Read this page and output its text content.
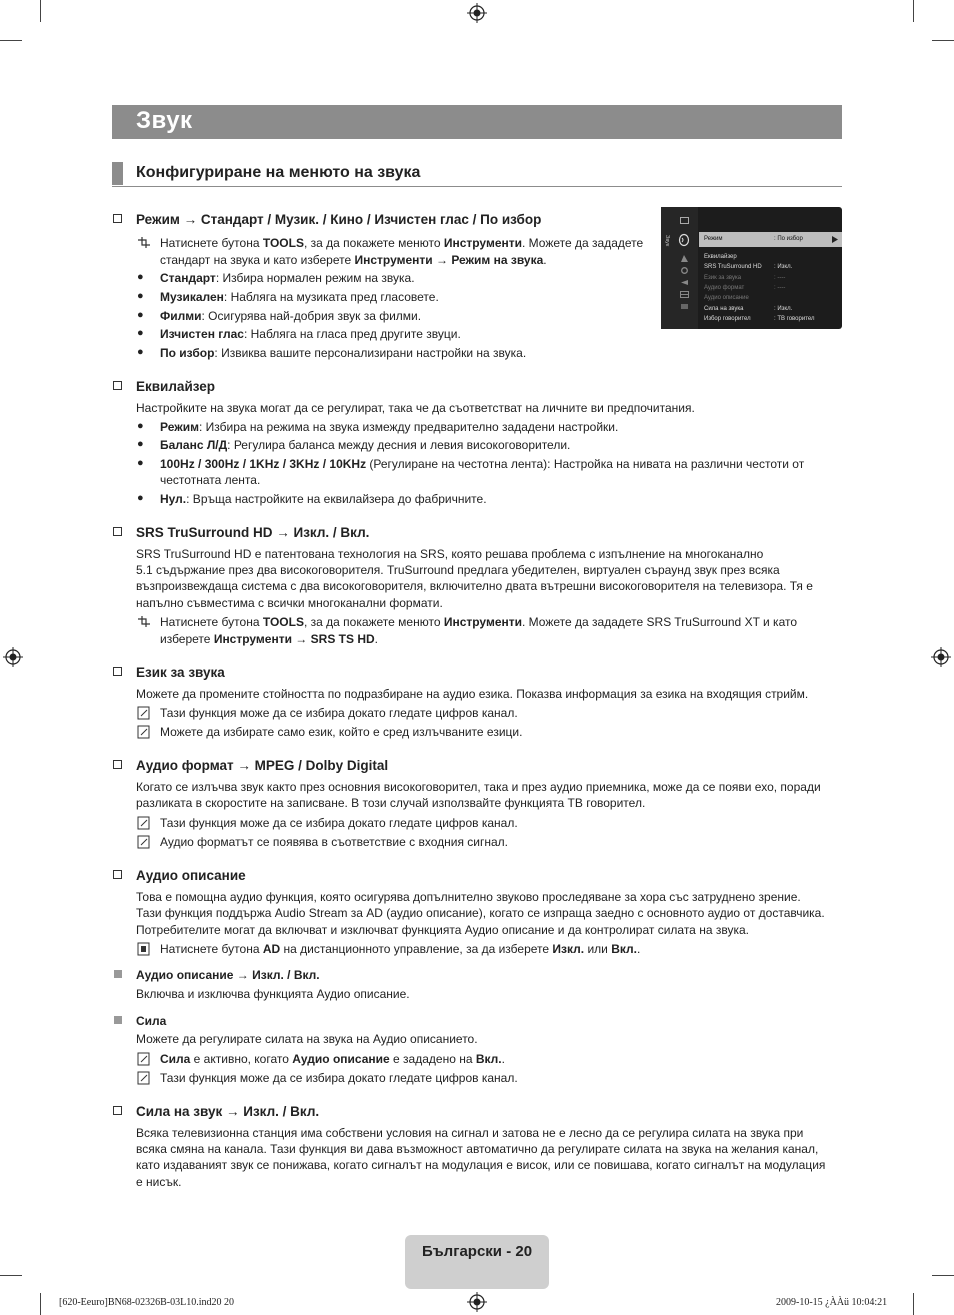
Звук
Конфигуриране на менюто на звука
Звук	Режим	: По избор
Еквилайзер
SRS TruSurround HD : Изкл.
Език за звука	: ----
Аудио формат	: ----
Аудио описание
Сила на звука	: Изкл.
Избор говорител	: ТВ говорител
Режим → Стандарт / Музик. / Кино / Изчистен глас / По избор
Натиснете бутона TOOLS, за да покажете менюто Инструменти. Можете да зададете
стандарт на звука и като изберете Инструменти → Режим на звука.
● Стандарт: Избира нормален режим на звука.
● Музикален: Набляга на музиката пред гласовете.
● Филми: Осигурява най-добрия звук за филми.
● Изчистен глас: Набляга на гласа пред другите звуци.
● По избор: Извиква вашите персонализирани настройки на звука.
Еквилайзер
Настройките на звука могат да се регулират, така че да съответстват на личните ви предпочитания.
● Режим: Избира на режима на звука измежду предварително зададени настройки.
● Баланс Л/Д: Регулира баланса между десния и левия високоговорители.
● 100Hz / 300Hz / 1KHz / 3KHz / 10KHz (Регулиране на честотна лента): Настройка на нивата на различни честоти от
честотната лента.
● Нул.: Връща настройките на еквилайзера до фабричните.
SRS TruSurround HD → Изкл. / Вкл.
SRS TruSurround HD е патентована технология на SRS, която решава проблема с изпълнение на многоканално
5.1 съдържание през два високоговорителя. TruSurround предлага убедителен, виртуален съраунд звук през всяка
възпроизвеждаща система с два високоговорителя, включително двата вътрешни високоговорителя на телевизора. Тя е
напълно съвместима с всички многоканални формати.
Натиснете бутона TOOLS, за да покажете менюто Инструменти. Можете да зададете SRS TruSurround XT и като
изберете Инструменти → SRS TS HD.
Език за звука
Можете да промените стойността по подразбиране на аудио езика. Показва информация за езика на входящия стрийм.
Тази функция може да се избира докато гледате цифров канал.
Можете да избирате само език, който е сред излъчваните езици.
Аудио формат → MPEG / Dolby Digital
Когато се излъчва звук както през основния високоговорител, така и през аудио приемника, може да се появи ехо, поради
разликата в скоростите на записване. В този случай използвайте функцията ТВ говорител.
Тази функция може да се избира докато гледате цифров канал.
Аудио форматът се появява в съответствие с входния сигнал.
Аудио описание
Това е помощна аудио функция, която осигурява допълнително звуково проследяване за хора със затруднено зрение.
Тази функция поддържа Audio Stream за AD (аудио описание), когато се изпраща заедно с основното аудио от доставчика.
Потребителите могат да включват и изключват функцията Аудио описание и да контролират силата на звука.
Натиснете бутона AD на дистанционното управление, за да изберете Изкл. или Вкл..
Аудио описание → Изкл. / Вкл.
Включва и изключва функцията Аудио описание.
Сила
Можете да регулирате силата на звука на Аудио описанието.
Сила е активно, когато Аудио описание е зададено на Вкл..
Тази функция може да се избира докато гледате цифров канал.
Сила на звук → Изкл. / Вкл.
Всяка телевизионна станция има собствени условия на сигнал и затова не е лесно да се регулира силата на звука при
всяка смяна на канала. Тази функция ви дава възможност автоматично да регулирате силата на звука на желания канал,
като издаваният звук се понижава, когато сигналът на модулация е висок, или се повишава, когато сигналът на модулация
е нисък.
Български - 20
[620-Eeuro]BN68-02326B-03L10.ind20 20	2009-10-15 ¿ÀÀü 10:04:21
